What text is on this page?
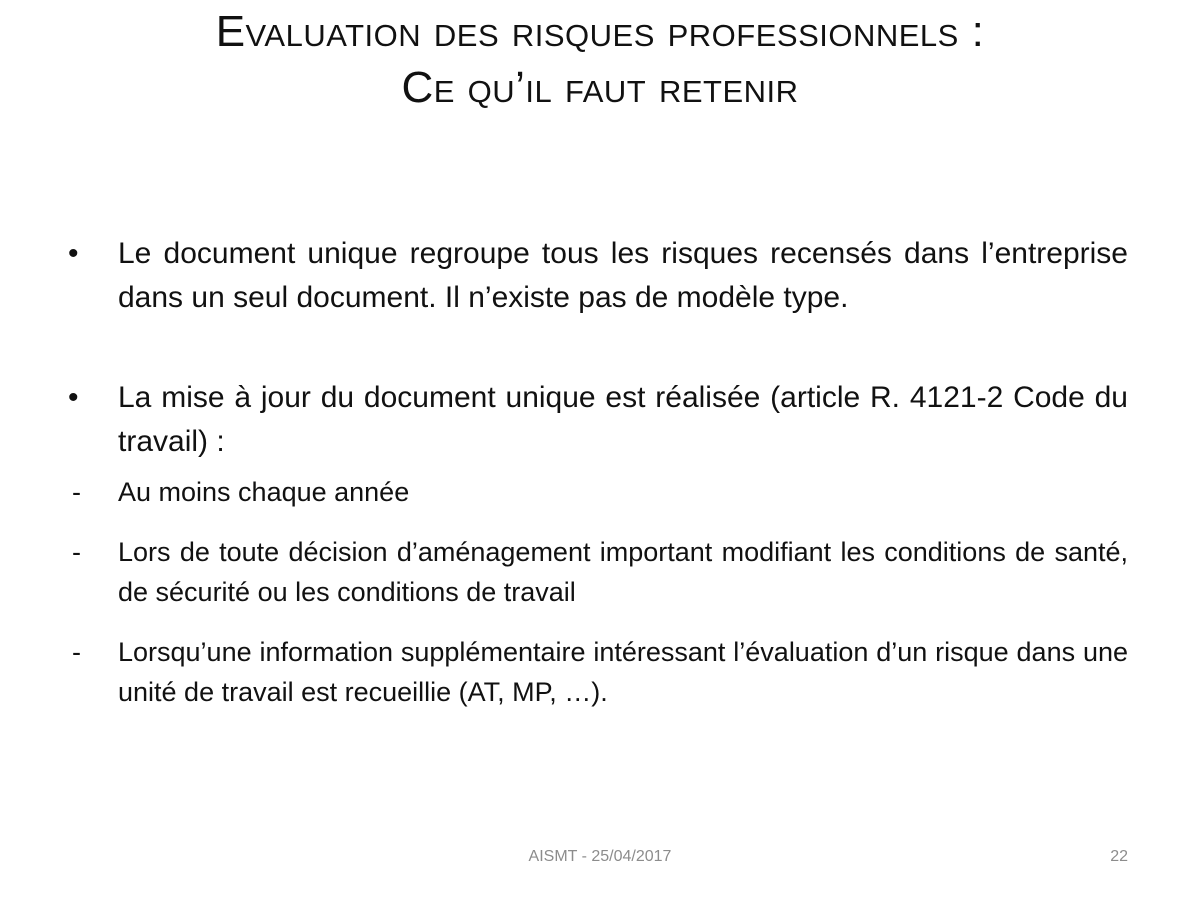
Evaluation des risques professionnels :
Ce qu’il faut retenir
• Le document unique regroupe tous les risques recensés dans l’entreprise dans un seul document. Il n’existe pas de modèle type.
• La mise à jour du document unique est réalisée (article R. 4121-2 Code du travail) :
- Au moins chaque année
- Lors de toute décision d’aménagement important modifiant les conditions de santé, de sécurité ou les conditions de travail
- Lorsqu’une information supplémentaire intéressant l’évaluation d’un risque dans une unité de travail est recueillie (AT, MP, …).
AISMT - 25/04/2017	22
